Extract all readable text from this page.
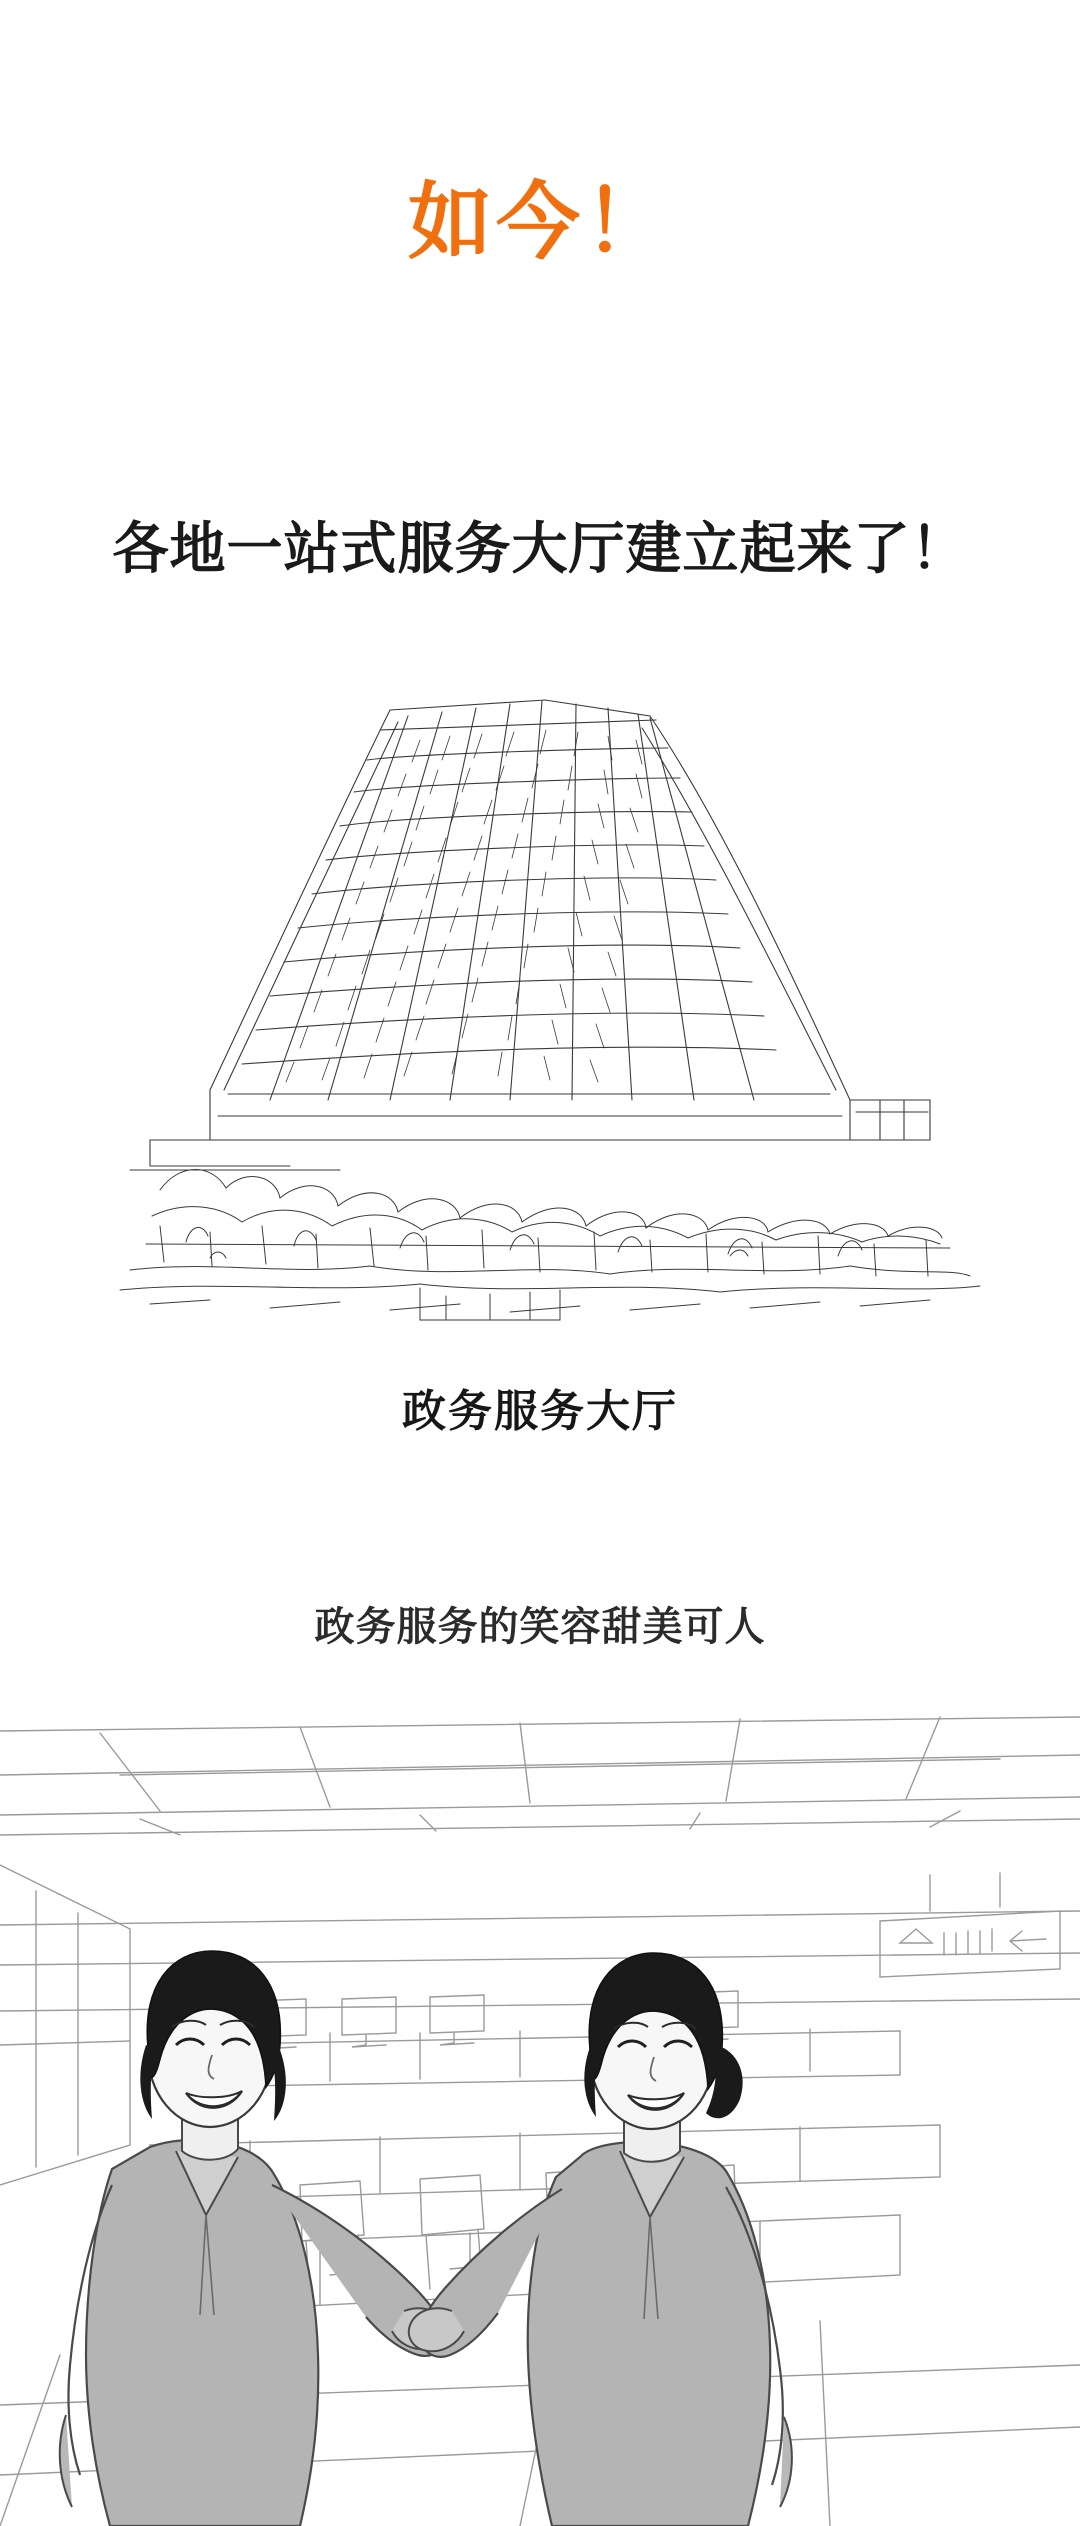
如今！
各地一站式服务大厅建立起来了！
政务服务大厅
政务服务的笑容甜美可人
